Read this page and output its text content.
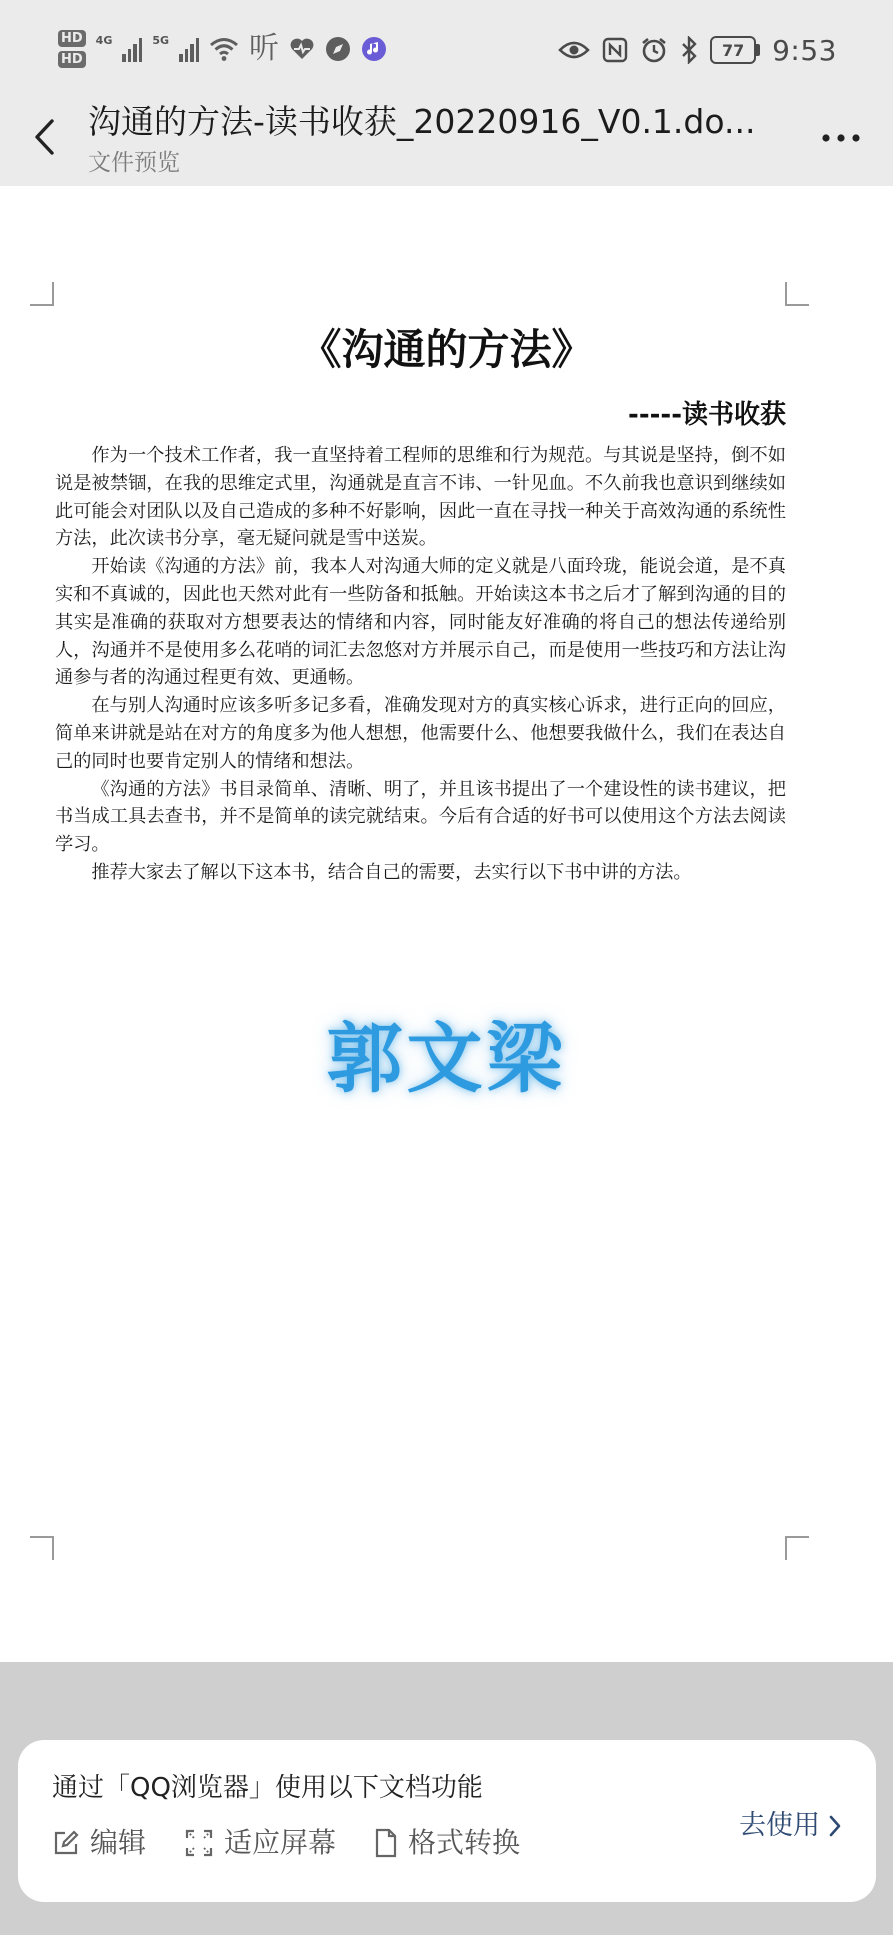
HD
HD
4G	5G	听	77 9:53
沟通的方法-读书收获_20220916_V0.1.do...
文件预览
《沟通的方法》
-----读书收获

作为一个技术工作者，我一直坚持着工程师的思维和行为规范。与其说是坚持，倒不如说是被禁锢，在我的思维定式里，沟通就是直言不讳、一针见血。不久前我也意识到继续如此可能会对团队以及自己造成的多种不好影响，因此一直在寻找一种关于高效沟通的系统性方法，此次读书分享，毫无疑问就是雪中送炭。

开始读《沟通的方法》前，我本人对沟通大师的定义就是八面玲珑，能说会道，是不真实和不真诚的，因此也天然对此有一些防备和抵触。开始读这本书之后才了解到沟通的目的其实是准确的获取对方想要表达的情绪和内容，同时能友好准确的将自己的想法传递给别人，沟通并不是使用多么花哨的词汇去忽悠对方并展示自己，而是使用一些技巧和方法让沟通参与者的沟通过程更有效、更通畅。

在与别人沟通时应该多听多记多看，准确发现对方的真实核心诉求，进行正向的回应，简单来讲就是站在对方的角度多为他人想想，他需要什么、他想要我做什么，我们在表达自己的同时也要肯定别人的情绪和想法。

《沟通的方法》书目录简单、清晰、明了，并且该书提出了一个建设性的读书建议，把书当成工具去查书，并不是简单的读完就结束。今后有合适的好书可以使用这个方法去阅读学习。

推荐大家去了解以下这本书，结合自己的需要，去实行以下书中讲的方法。

郭文梁
通过「QQ浏览器」使用以下文档功能
编辑	适应屏幕	格式转换
去使用
